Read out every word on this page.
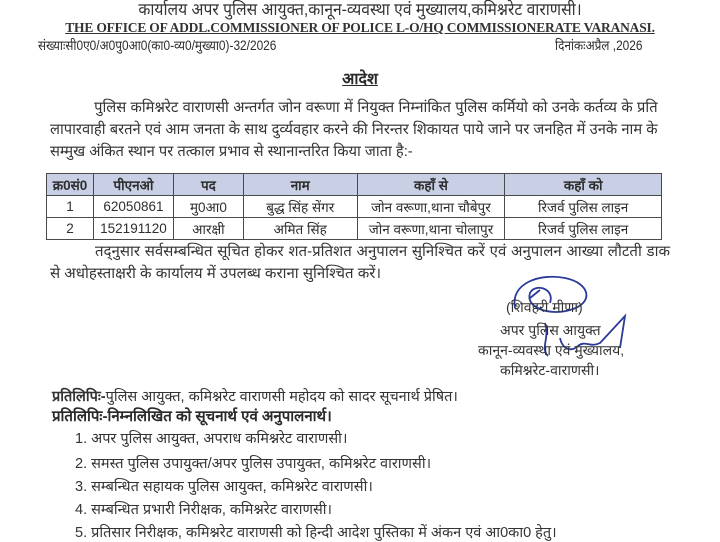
कार्यालय अपर पुलिस आयुक्त,कानून-व्यवस्था एवं मुख्यालय,कमिश्नरेट वाराणसी।
THE OFFICE OF ADDL.COMMISSIONER OF POLICE L-O/HQ COMMISSIONERATE VARANASI.
संख्याःसी0ए0/अ0पु0आ0(का0-व्य0/मुख्या0)-32/2026	दिनांकःअप्रैल ,2026
आदेश
पुलिस कमिश्नरेट वाराणसी अन्तर्गत जोन वरूणा में नियुक्त निम्नांकित पुलिस कर्मियो को उनके कर्तव्य के प्रति लापारवाही बरतने एवं आम जनता के साथ दुर्व्यवहार करने की निरन्तर शिकायत पाये जाने पर जनहित में उनके नाम के सम्मुख अंकित स्थान पर तत्काल प्रभाव से स्थानान्तरित किया जाता है:-
क्र0सं0	पीएनओ	पद	नाम	कहाँ से	कहाँ को
1	62050861	मु0आ0	बुद्ध सिंह सेंगर	जोन वरूणा,थाना चौबेपुर	रिजर्व पुलिस लाइन
2	152191120	आरक्षी	अमित सिंह	जोन वरूणा,थाना चोलापुर	रिजर्व पुलिस लाइन
तद्नुसार सर्वसम्बन्धित सूचित होकर शत-प्रतिशत अनुपालन सुनिश्चित करें एवं अनुपालन आख्या लौटती डाक से अधोहस्ताक्षरी के कार्यालय में उपलब्ध कराना सुनिश्चित करें।
(शिवहरी मीणा)
अपर पुलिस आयुक्त
कानून-व्यवस्था एवं मुख्यालय,
कमिश्नरेट-वाराणसी।
प्रतिलिपिः-पुलिस आयुक्त, कमिश्नरेट वाराणसी महोदय को सादर सूचनार्थ प्रेषित।
प्रतिलिपिः-निम्नलिखित को सूचनार्थ एवं अनुपालनार्थ।
1. अपर पुलिस आयुक्त, अपराध कमिश्नरेट वाराणसी।
2. समस्त पुलिस उपायुक्त/अपर पुलिस उपायुक्त, कमिश्नरेट वाराणसी।
3. सम्बन्धित सहायक पुलिस आयुक्त, कमिश्नरेट वाराणसी।
4. सम्बन्धित प्रभारी निरीक्षक, कमिश्नरेट वाराणसी।
5. प्रतिसार निरीक्षक, कमिश्नरेट वाराणसी को हिन्दी आदेश पुस्तिका में अंकन एवं आ0का0 हेतु।
